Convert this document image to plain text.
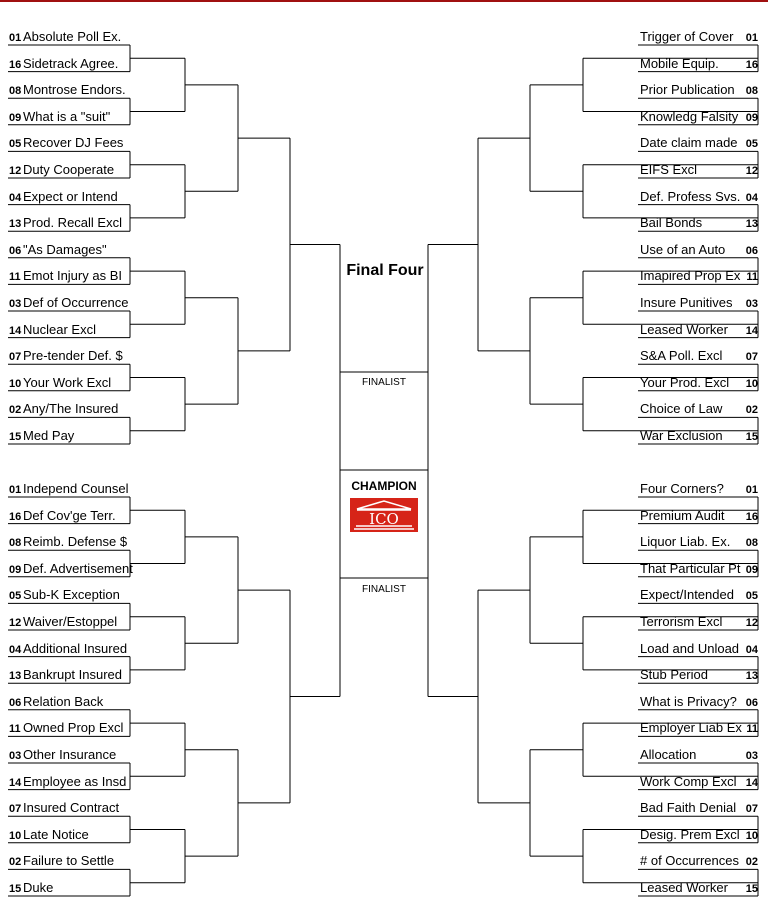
01 Absolute Poll Ex.
16 Sidetrack Agree.
08 Montrose Endors.
09 What is a "suit"
05 Recover DJ Fees
12 Duty Cooperate
04 Expect or Intend
13 Prod. Recall Excl
06 "As Damages"
11 Emot Injury as BI
03 Def of Occurrence
14 Nuclear Excl
07 Pre-tender Def. $
10 Your Work Excl
02 Any/The Insured
15 Med Pay
01 Independ Counsel
16 Def Cov'ge Terr.
08 Reimb. Defense $
09 Def. Advertisement
05 Sub-K Exception
12 Waiver/Estoppel
04 Additional Insured
13 Bankrupt Insured
06 Relation Back
11 Owned Prop Excl
03 Other Insurance
14 Employee as Insd
07 Insured Contract
10 Late Notice
02 Failure to Settle
15 Duke
01
Trigger of Cover
16
Mobile Equip.
08
Prior Publication
09
Knowledg Falsity
05
Date claim made
12
EIFS Excl
04
Def. Profess Svs.
13
Bail Bonds
06
Use of an Auto
11
Imapired Prop Ex
03
Insure Punitives
14
Leased Worker
07
S&A Poll. Excl
10
Your Prod. Excl
02
Choice of Law
15
War Exclusion
01
Four Corners?
16
Premium Audit
08
Liquor Liab. Ex.
09
That Particular Pt
05
Expect/Intended
12
Terrorism Excl
04
Load and Unload
13
Stub Period
06
What is Privacy?
11
Employer Liab Ex
03
Allocation
14
Work Comp Excl
07
Bad Faith Denial
10
Desig. Prem Excl
02
# of Occurrences
15
Leased Worker
Final Four
FINALIST
FINALIST
CHAMPION
ICO
